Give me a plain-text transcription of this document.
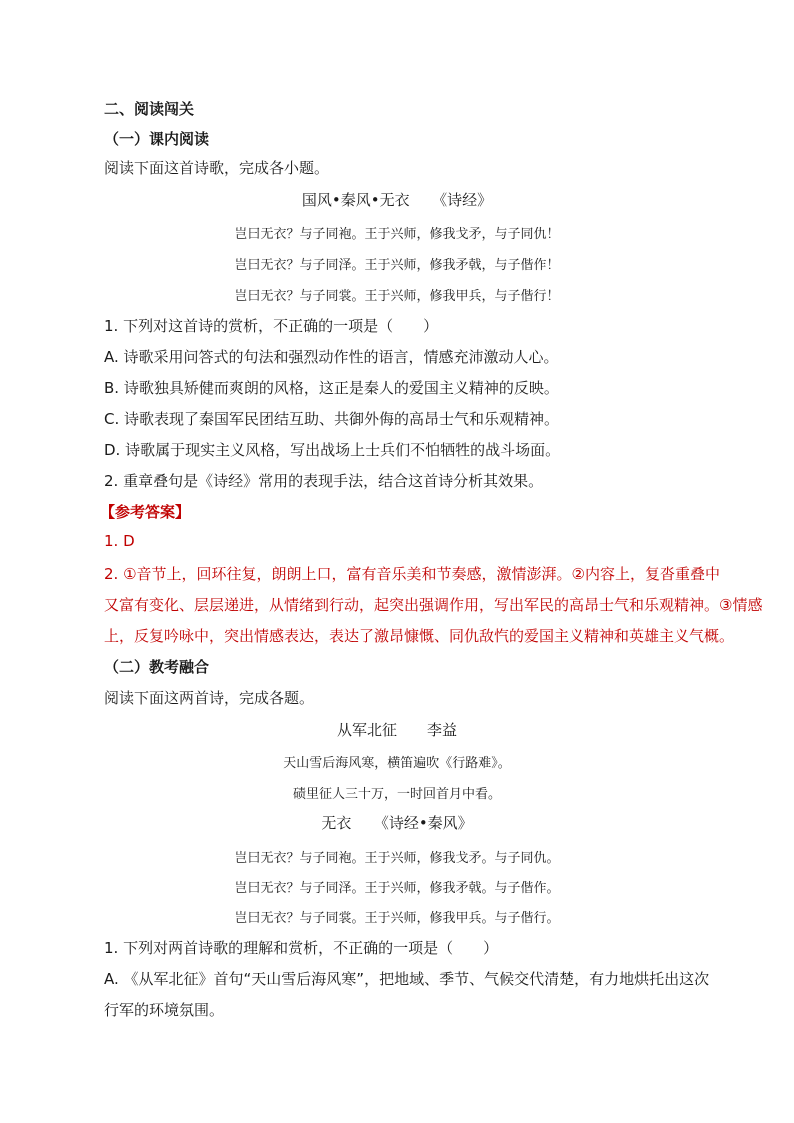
二、阅读闯关
（一）课内阅读
阅读下面这首诗歌，完成各小题。
国风•秦风•无衣　　《诗经》
岂曰无衣？与子同袍。王于兴师，修我戈矛，与子同仇！
岂曰无衣？与子同泽。王于兴师，修我矛戟，与子偕作！
岂曰无衣？与子同裳。王于兴师，修我甲兵，与子偕行！
1. 下列对这首诗的赏析，不正确的一项是（　　）
A. 诗歌采用问答式的句法和强烈动作性的语言，情感充沛激动人心。
B. 诗歌独具矫健而爽朗的风格，这正是秦人的爱国主义精神的反映。
C. 诗歌表现了秦国军民团结互助、共御外侮的高昂士气和乐观精神。
D. 诗歌属于现实主义风格，写出战场上士兵们不怕牺牲的战斗场面。
2. 重章叠句是《诗经》常用的表现手法，结合这首诗分析其效果。
【参考答案】
1. D
2. ①音节上，回环往复，朗朗上口，富有音乐美和节奏感，激情澎湃。②内容上，复沓重叠中
又富有变化、层层递进，从情绪到行动，起突出强调作用，写出军民的高昂士气和乐观精神。③情感
上，反复吟咏中，突出情感表达，表达了激昂慷慨、同仇敌忾的爱国主义精神和英雄主义气概。
（二）教考融合
阅读下面这两首诗，完成各题。
从军北征　　李益
天山雪后海风寒，横笛遍吹《行路难》。
碛里征人三十万，一时回首月中看。
无衣　　《诗经•秦风》
岂曰无衣？与子同袍。王于兴师，修我戈矛。与子同仇。
岂曰无衣？与子同泽。王于兴师，修我矛戟。与子偕作。
岂曰无衣？与子同裳。王于兴师，修我甲兵。与子偕行。
1. 下列对两首诗歌的理解和赏析，不正确的一项是（　　）
A. 《从军北征》首句“天山雪后海风寒”，把地域、季节、气候交代清楚，有力地烘托出这次
行军的环境氛围。
